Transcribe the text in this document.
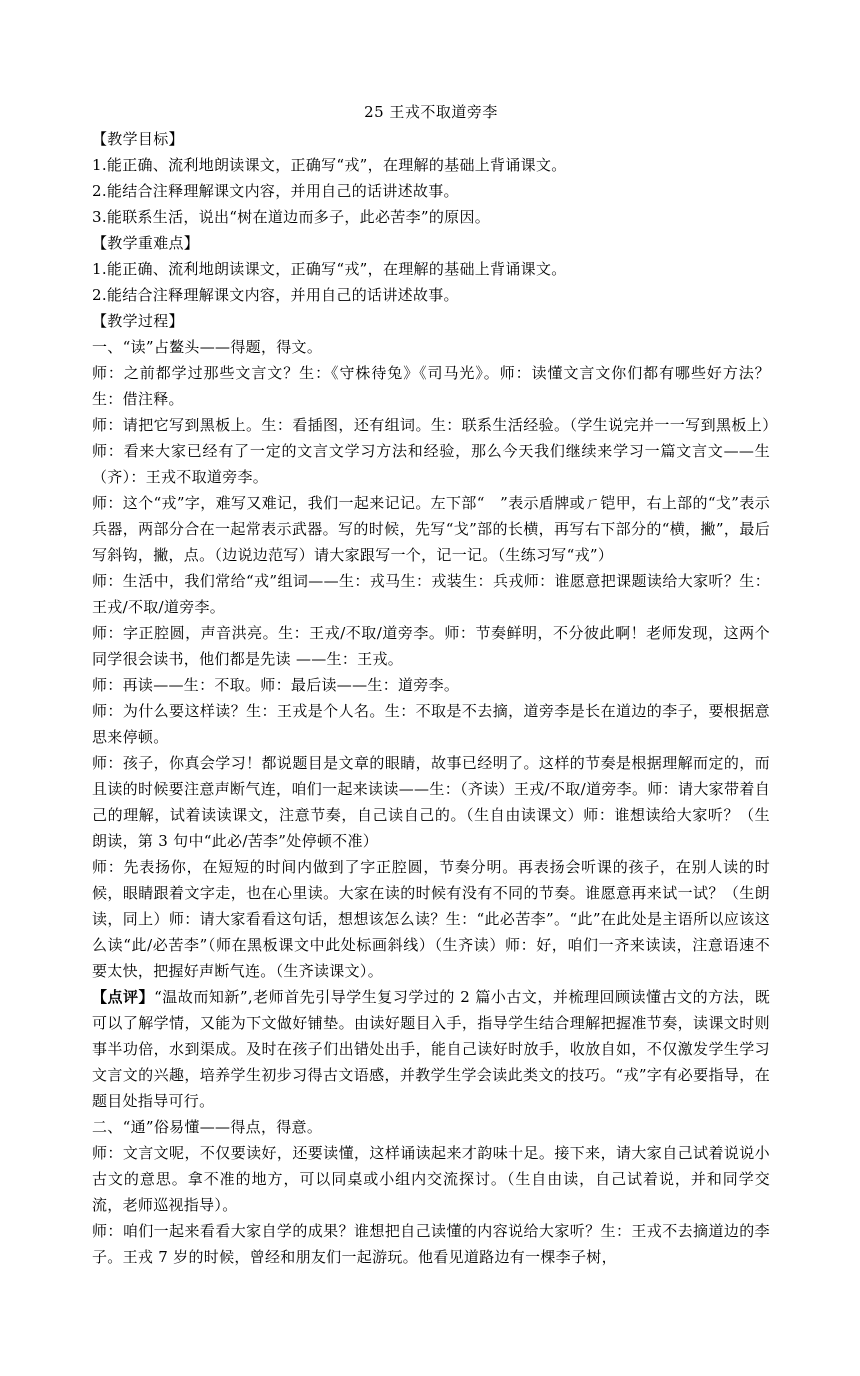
25 王戎不取道旁李

【教学目标】

1.能正确、流利地朗读课文，正确写“戎”，在理解的基础上背诵课文。

2.能结合注释理解课文内容，并用自己的话讲述故事。

3.能联系生活，说出“树在道边而多子，此必苦李”的原因。

【教学重难点】

1.能正确、流利地朗读课文，正确写“戎”，在理解的基础上背诵课文。

2.能结合注释理解课文内容，并用自己的话讲述故事。

【教学过程】

一、“读”占鳌头——得题，得文。

师：之前都学过那些文言文？生：《守株待兔》《司马光》。师：读懂文言文你们都有哪些好方法？生：借注释。

师：请把它写到黑板上。生：看插图，还有组词。生：联系生活经验。（学生说完并一一写到黑板上）师：看来大家已经有了一定的文言文学习方法和经验，那么今天我们继续来学习一篇文言文——生（齐）：王戎不取道旁李。

师：这个“戎”字，难写又难记，我们一起来记记。左下部“　”表示盾牌或ㄏ铠甲，右上部的“戈”表示兵器，两部分合在一起常表示武器。写的时候，先写“戈”部的长横，再写右下部分的“横，撇”，最后写斜钩，撇，点。（边说边范写）请大家跟写一个，记一记。（生练习写“戎”）

师：生活中，我们常给“戎”组词——生：戎马生：戎装生：兵戎师：谁愿意把课题读给大家听？生：王戎/不取/道旁李。

师：字正腔圆，声音洪亮。生：王戎/不取/道旁李。师：节奏鲜明，不分彼此啊！老师发现，这两个同学很会读书，他们都是先读 ——生：王戎。

师：再读——生：不取。师：最后读——生：道旁李。

师：为什么要这样读？生：王戎是个人名。生：不取是不去摘，道旁李是长在道边的李子，要根据意思来停顿。

师：孩子，你真会学习！都说题目是文章的眼睛，故事已经明了。这样的节奏是根据理解而定的，而且读的时候要注意声断气连，咱们一起来读读——生：（齐读）王戎/不取/道旁李。师：请大家带着自己的理解，试着读读课文，注意节奏，自己读自己的。（生自由读课文）师：谁想读给大家听？（生朗读，第 3 句中“此必/苦李”处停顿不准）

师：先表扬你，在短短的时间内做到了字正腔圆，节奏分明。再表扬会听课的孩子，在别人读的时候，眼睛跟着文字走，也在心里读。大家在读的时候有没有不同的节奏。谁愿意再来试一试？（生朗读，同上）师：请大家看看这句话，想想该怎么读？生：“此必苦李”。“此”在此处是主语所以应该这么读“此/必苦李”（师在黑板课文中此处标画斜线）（生齐读）师：好，咱们一齐来读读，注意语速不要太快，把握好声断气连。（生齐读课文）。

【点评】“温故而知新”,老师首先引导学生复习学过的 2 篇小古文，并梳理回顾读懂古文的方法，既可以了解学情，又能为下文做好铺垫。由读好题目入手，指导学生结合理解把握准节奏，读课文时则事半功倍，水到渠成。及时在孩子们出错处出手，能自己读好时放手，收放自如，不仅激发学生学习文言文的兴趣，培养学生初步习得古文语感，并教学生学会读此类文的技巧。“戎”字有必要指导，在题目处指导可行。

二、“通”俗易懂——得点，得意。

师：文言文呢，不仅要读好，还要读懂，这样诵读起来才韵味十足。接下来，请大家自己试着说说小古文的意思。拿不准的地方，可以同桌或小组内交流探讨。（生自由读，自己试着说，并和同学交流，老师巡视指导）。

师：咱们一起来看看大家自学的成果？谁想把自己读懂的内容说给大家听？生：王戎不去摘道边的李子。王戎 7 岁的时候，曾经和朋友们一起游玩。他看见道路边有一棵李子树，
